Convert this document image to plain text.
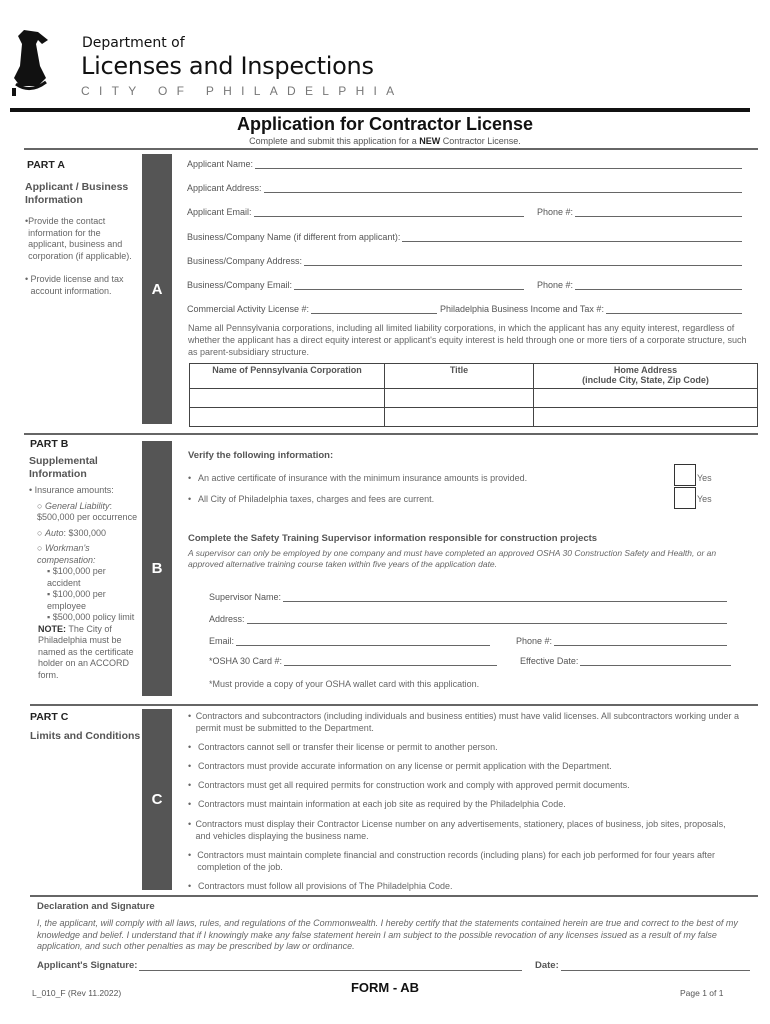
Department of
Licenses and Inspections
CITY OF PHILADELPHIA
Application for Contractor License
Complete and submit this application for a NEW Contractor License.
PART A
Applicant / Business Information
• Provide the contact information for the applicant, business and corporation (if applicable).
• Provide license and tax account information.	A
Applicant Name:
Applicant Address:
Applicant Email:	Phone #:
Business/Company Name (if different from applicant):
Business/Company Address:
Business/Company Email:	Phone #:
Commercial Activity License #:	Philadelphia Business Income and Tax #:
Name all Pennsylvania corporations, including all limited liability corporations, in which the applicant has any equity interest, regardless of whether the applicant has a direct equity interest or applicant's equity interest is held through one or more tiers of a corporate structure, such as parent-subsidiary structure.
Name of Pennsylvania Corporation	Title	Home Address
(include City, State, Zip Code)

PART B
Supplemental Information
• Insurance amounts:
○ General Liability: $500,000 per occurrence
○ Auto: $300,000
○ Workman's compensation:
▪ $100,000 per accident
▪ $100,000 per employee
▪ $500,000 policy limit
NOTE: The City of Philadelphia must be named as the certificate holder on an ACCORD form.
B
Verify the following information:
• An active certificate of insurance with the minimum insurance amounts is provided.
• All City of Philadelphia taxes, charges and fees are current.
Yes
Yes
Complete the Safety Training Supervisor information responsible for construction projects
A supervisor can only be employed by one company and must have completed an approved OSHA 30 Construction Safety and Health, or an approved alternative training course taken within five years of the application date.
Supervisor Name:
Address:
Email:	Phone #:
*OSHA 30 Card #:	Effective Date:
*Must provide a copy of your OSHA wallet card with this application.
PART C
Limits and Conditions
C
• Contractors and subcontractors (including individuals and business entities) must have valid licenses. All subcontractors working under a permit must be submitted to the Department.
• Contractors cannot sell or transfer their license or permit to another person.
• Contractors must provide accurate information on any license or permit application with the Department.
• Contractors must get all required permits for construction work and comply with approved permit documents.
• Contractors must maintain information at each job site as required by the Philadelphia Code.
• Contractors must display their Contractor License number on any advertisements, stationery, places of business, job sites, proposals, and vehicles displaying the business name.
• Contractors must maintain complete financial and construction records (including plans) for each job performed for four years after completion of the job.
• Contractors must follow all provisions of The Philadelphia Code.
Declaration and Signature
I, the applicant, will comply with all laws, rules, and regulations of the Commonwealth. I hereby certify that the statements contained herein are true and correct to the best of my knowledge and belief. I understand that if I knowingly make any false statement herein I am subject to the possible revocation of any licenses issued as a result of my false application, and such other penalties as may be prescribed by law or ordinance.
Applicant's Signature:	Date:
L_010_F (Rev 11.2022)	FORM - AB	Page 1 of 1
